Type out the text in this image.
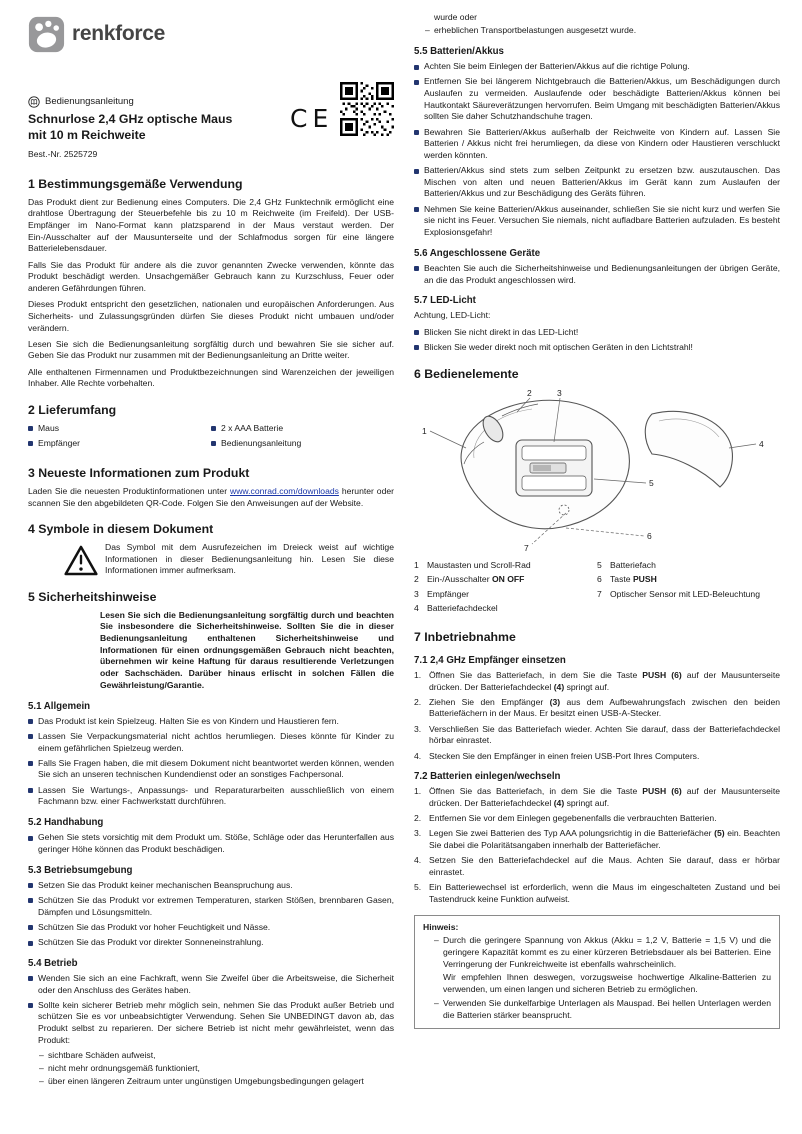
renkforce
Bedienungsanleitung
Schnurlose 2,4 GHz optische Maus
mit 10 m Reichweite
Best.-Nr. 2525729
CE
1 Bestimmungsgemäße Verwendung

Das Produkt dient zur Bedienung eines Computers. Die 2,4 GHz Funktechnik ermöglicht eine drahtlose Übertragung der Steuerbefehle bis zu 10 m Reichweite (im Freifeld). Der USB-Empfänger im Nano-Format kann platzsparend in der Maus verstaut werden. Der Ein-/Ausschalter auf der Mausunterseite und der Schlafmodus sorgen für eine längere Batterielebensdauer.

Falls Sie das Produkt für andere als die zuvor genannten Zwecke verwenden, könnte das Produkt beschädigt werden. Unsachgemäßer Gebrauch kann zu Kurzschluss, Feuer oder anderen Gefährdungen führen.

Dieses Produkt entspricht den gesetzlichen, nationalen und europäischen Anforderungen. Aus Sicherheits- und Zulassungsgründen dürfen Sie dieses Produkt nicht umbauen und/oder verändern.

Lesen Sie sich die Bedienungsanleitung sorgfältig durch und bewahren Sie sie sicher auf. Geben Sie das Produkt nur zusammen mit der Bedienungsanleitung an Dritte weiter.

Alle enthaltenen Firmennamen und Produktbezeichnungen sind Warenzeichen der jeweiligen Inhaber. Alle Rechte vorbehalten.

2 Lieferumfang
Maus
Empfänger
2 x AAA Batterie
Bedienungsanleitung
3 Neueste Informationen zum Produkt

Laden Sie die neuesten Produktinformationen unter www.conrad.com/downloads herunter oder scannen Sie den abgebildeten QR-Code. Folgen Sie den Anweisungen auf der Website.

4 Symbole in diesem Dokument
Das Symbol mit dem Ausrufezeichen im Dreieck weist auf wichtige Informationen in dieser Bedienungsanleitung hin. Lesen Sie diese Informationen immer aufmerksam.
5 Sicherheitshinweise

Lesen Sie sich die Bedienungsanleitung sorgfältig durch und beachten Sie insbesondere die Sicherheitshinweise. Sollten Sie die in dieser Bedienungsanleitung enthaltenen Sicherheitshinweise und Informationen für einen ordnungsgemäßen Gebrauch nicht beachten, übernehmen wir keine Haftung für daraus resultierende Verletzungen oder Sachschäden. Darüber hinaus erlischt in solchen Fällen die Gewährleistung/Garantie.

5.1 Allgemein
Das Produkt ist kein Spielzeug. Halten Sie es von Kindern und Haustieren fern.
Lassen Sie Verpackungsmaterial nicht achtlos herumliegen. Dieses könnte für Kinder zu einem gefährlichen Spielzeug werden.
Falls Sie Fragen haben, die mit diesem Dokument nicht beantwortet werden können, wenden Sie sich an unseren technischen Kundendienst oder an sonstiges Fachpersonal.
Lassen Sie Wartungs-, Anpassungs- und Reparaturarbeiten ausschließlich von einem Fachmann bzw. einer Fachwerkstatt durchführen.
5.2 Handhabung
Gehen Sie stets vorsichtig mit dem Produkt um. Stöße, Schläge oder das Herunterfallen aus geringer Höhe können das Produkt beschädigen.
5.3 Betriebsumgebung
Setzen Sie das Produkt keiner mechanischen Beanspruchung aus.
Schützen Sie das Produkt vor extremen Temperaturen, starken Stößen, brennbaren Gasen, Dämpfen und Lösungsmitteln.
Schützen Sie das Produkt vor hoher Feuchtigkeit und Nässe.
Schützen Sie das Produkt vor direkter Sonneneinstrahlung.
5.4 Betrieb
Wenden Sie sich an eine Fachkraft, wenn Sie Zweifel über die Arbeitsweise, die Sicherheit oder den Anschluss des Gerätes haben.
Sollte kein sicherer Betrieb mehr möglich sein, nehmen Sie das Produkt außer Betrieb und schützen Sie es vor unbeabsichtigter Verwendung. Sehen Sie UNBEDINGT davon ab, das Produkt selbst zu reparieren. Der sichere Betrieb ist nicht mehr gewährleistet, wenn das Produkt:
– sichtbare Schäden aufweist,
– nicht mehr ordnungsgemäß funktioniert,
– über einen längeren Zeitraum unter ungünstigen Umgebungsbedingungen gelagert

wurde oder

– erheblichen Transportbelastungen ausgesetzt wurde.
5.5 Batterien/Akkus
Achten Sie beim Einlegen der Batterien/Akkus auf die richtige Polung.
Entfernen Sie bei längerem Nichtgebrauch die Batterien/Akkus, um Beschädigungen durch Auslaufen zu vermeiden. Auslaufende oder beschädigte Batterien/Akkus können bei Hautkontakt Säureverätzungen hervorrufen. Beim Umgang mit beschädigten Batterien/Akkus sollten Sie daher Schutzhandschuhe tragen.
Bewahren Sie Batterien/Akkus außerhalb der Reichweite von Kindern auf. Lassen Sie Batterien / Akkus nicht frei herumliegen, da diese von Kindern oder Haustieren verschluckt werden könnten.
Batterien/Akkus sind stets zum selben Zeitpunkt zu ersetzen bzw. auszutauschen. Das Mischen von alten und neuen Batterien/Akkus im Gerät kann zum Auslaufen der Batterien/Akkus und zur Beschädigung des Geräts führen.
Nehmen Sie keine Batterien/Akkus auseinander, schließen Sie sie nicht kurz und werfen Sie sie nicht ins Feuer. Versuchen Sie niemals, nicht aufladbare Batterien aufzuladen. Es besteht Explosionsgefahr!
5.6 Angeschlossene Geräte
Beachten Sie auch die Sicherheitshinweise und Bedienungsanleitungen der übrigen Geräte, an die das Produkt angeschlossen wird.
5.7 LED-Licht

Achtung, LED-Licht:

Blicken Sie nicht direkt in das LED-Licht!
Blicken Sie weder direkt noch mit optischen Geräten in den Lichtstrahl!
6 Bedienelemente
1
2	3
4
5
6
7
1 Maustasten und Scroll-Rad
2 Ein-/Ausschalter ON OFF
3 Empfänger
4 Batteriefachdeckel
5 Batteriefach
6 Taste PUSH
7 Optischer Sensor mit LED-Beleuchtung
7 Inbetriebnahme
7.1 2,4 GHz Empfänger einsetzen
1. Öffnen Sie das Batteriefach, in dem Sie die Taste PUSH (6) auf der Mausunterseite drücken. Der Batteriefachdeckel (4) springt auf.
2. Ziehen Sie den Empfänger (3) aus dem Aufbewahrungsfach zwischen den beiden Batteriefächern in der Maus. Er besitzt einen USB-A-Stecker.
3. Verschließen Sie das Batteriefach wieder. Achten Sie darauf, dass der Batteriefachdeckel hörbar einrastet.
4. Stecken Sie den Empfänger in einen freien USB-Port Ihres Computers.
7.2 Batterien einlegen/wechseln
1. Öffnen Sie das Batteriefach, in dem Sie die Taste PUSH (6) auf der Mausunterseite drücken. Der Batteriefachdeckel (4) springt auf.
2. Entfernen Sie vor dem Einlegen gegebenenfalls die verbrauchten Batterien.
3. Legen Sie zwei Batterien des Typ AAA polungsrichtig in die Batteriefächer (5) ein. Beachten Sie dabei die Polaritätsangaben innerhalb der Batteriefächer.
4. Setzen Sie den Batteriefachdeckel auf die Maus. Achten Sie darauf, dass er hörbar einrastet.
5. Ein Batteriewechsel ist erforderlich, wenn die Maus im eingeschalteten Zustand und bei Tastendruck keine Funktion aufweist.
Hinweis:
– Durch die geringere Spannung von Akkus (Akku = 1,2 V, Batterie = 1,5 V) und die geringere Kapazität kommt es zu einer kürzeren Betriebsdauer als bei Batterien. Eine Verringerung der Funkreichweite ist ebenfalls wahrscheinlich.

Wir empfehlen Ihnen deswegen, vorzugsweise hochwertige Alkaline-Batterien zu verwenden, um einen langen und sicheren Betrieb zu ermöglichen.

– Verwenden Sie dunkelfarbige Unterlagen als Mauspad. Bei hellen Unterlagen werden die Batterien stärker beansprucht.
